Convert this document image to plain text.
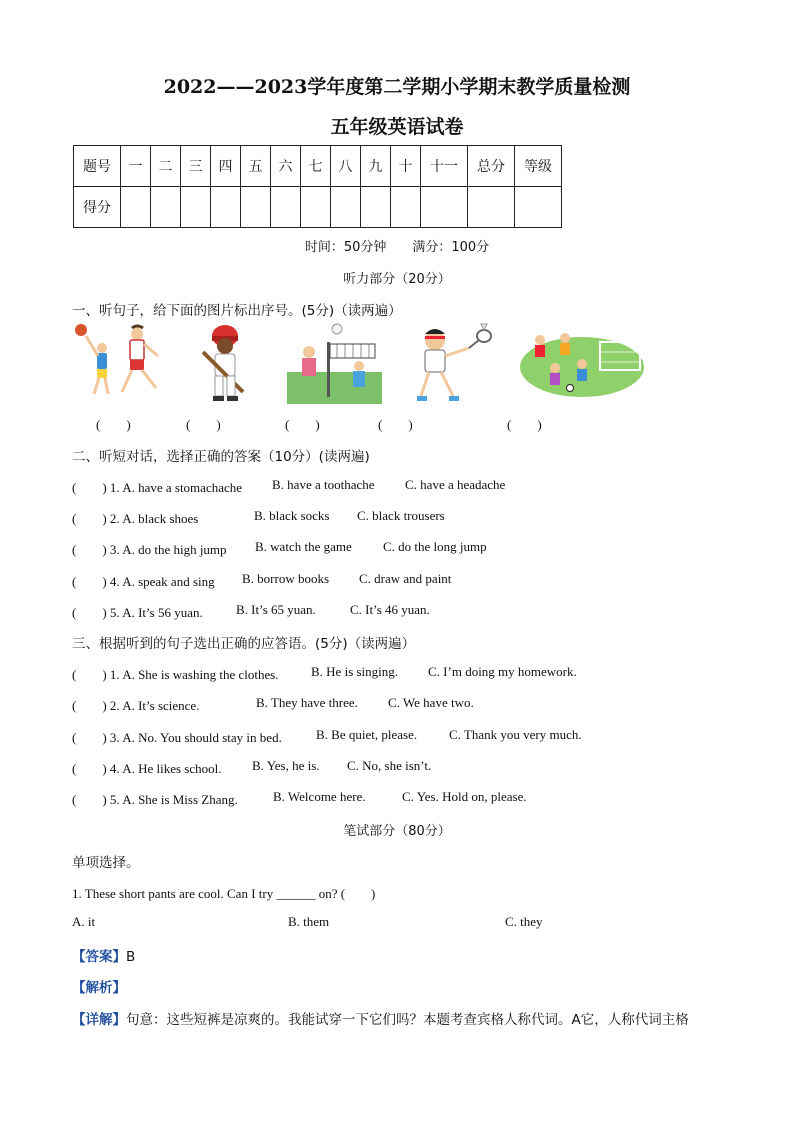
2022——2023学年度第二学期小学期末教学质量检测
五年级英语试卷
题号	一	二	三	四	五	六	七	八	九	十	十一	总分	等级
得分													
时间：50分钟　　满分：100分
听力部分（20分）
一、听句子，给下面的图片标出序号。(5分)（读两遍）
(　　)	(　　)	(　　)	(　　)	(　　)
二、听短对话，选择正确的答案（10分）(读两遍)
(　　) 1. A. have a stomachache B. have a toothache C. have a headache
(　　) 2. A. black shoes	B. black socks C. black trousers
(　　) 3. A. do the high jump B. watch the game C. do the long jump
(　　) 4. A. speak and sing B. borrow books C. draw and paint
(　　) 5. A. It’s 56 yuan.	B. It’s 65 yuan.	C. It’s 46 yuan.
三、根据听到的句子选出正确的应答语。(5分)（读两遍）
(　　) 1. A. She is washing the clothes. B. He is singing. C. I’m doing my homework.
(　　) 2. A. It’s science.	B. They have three. C. We have two.
(　　) 3. A. No. You should stay in bed.	B. Be quiet, please. C. Thank you very much.
(　　) 4. A. He likes school. B. Yes, he is. C. No, she isn’t.
(　　) 5. A. She is Miss Zhang.	B. Welcome here.	C. Yes. Hold on, please.
笔试部分（80分）
单项选择。
1. These short pants are cool. Can I try ______ on? (　　)
A. it	B. them	C. they
【答案】B
【解析】
【详解】句意：这些短裤是凉爽的。我能试穿一下它们吗？本题考查宾格人称代词。A它，人称代词主格
